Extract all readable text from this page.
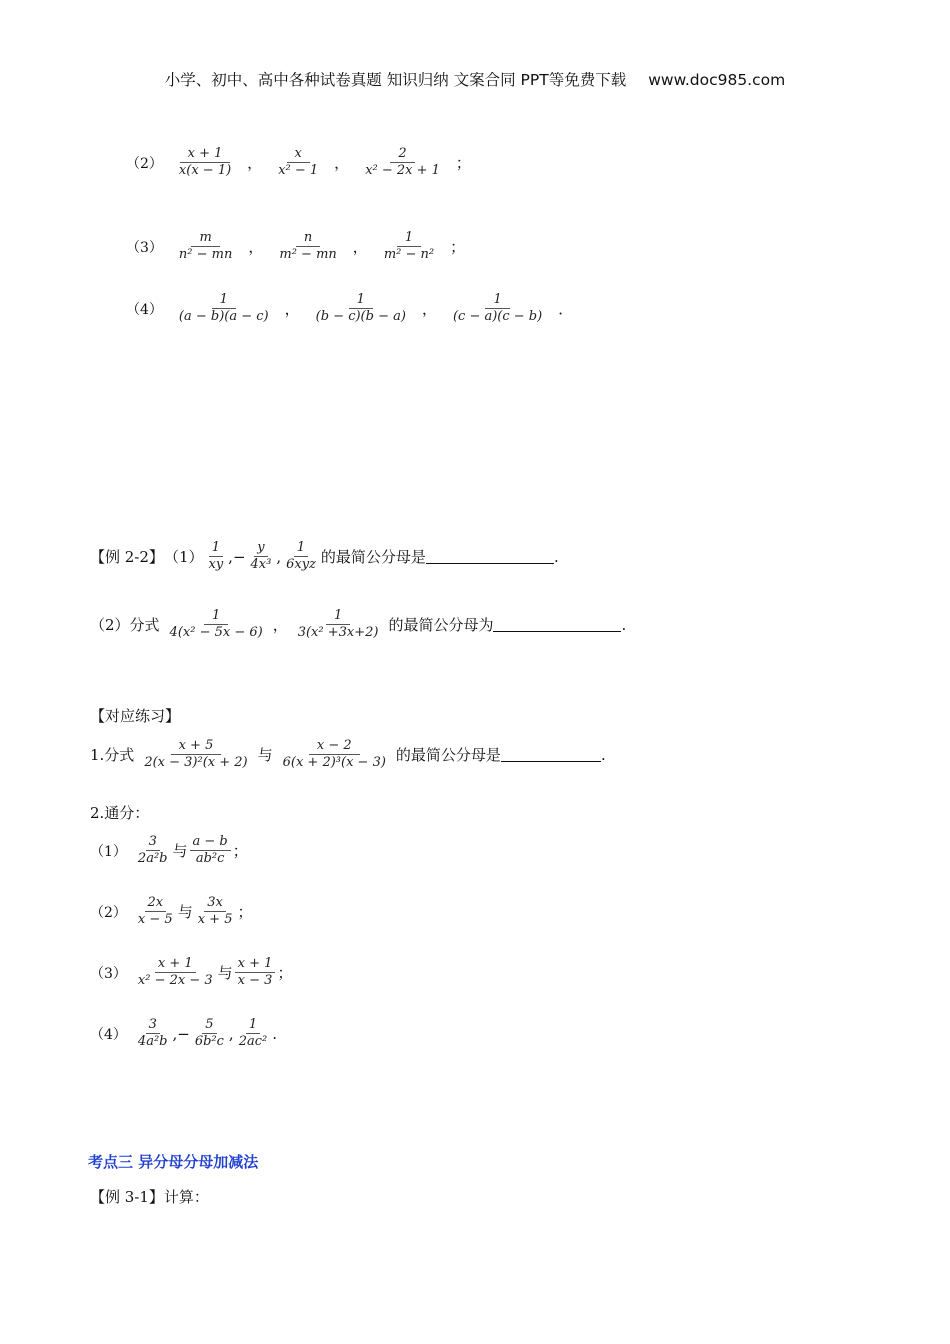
小学、初中、高中各种试卷真题 知识归纳 文案合同 PPT等免费下载 www.doc985.com
$(2) \frac{x + 1}{x(x - 1)}$ ， $\frac{x}{\text{x² − 1}}$ ， $\frac{2}{\text{x² − 2x + 1}}$ ；
$(3) \frac{m}{\text{n² − mn}}$ ， $\frac{n}{\text{m² − mn}}$ ， $\frac{1}{\text{m² − n²}}$ ；
$(4) \frac{1}{(a - b)(a - c)}$ ， $\frac{1}{(b - c)(b - a)}$ ， $\frac{1}{(c - a)(c - b)}$ ．
【例 2-2】 $(1) \frac{1}{xy}$ ,− $\frac{y}{\text{4x³}}$ , $\frac{1}{\text{6xyz}}$ 的最简公分母是	.
（2）分式 $\frac{1}{\text{4(x² − 5x − 6)}}$ ， $\frac{1}{\text{3(x² +3x+2)}}$ 的最简公分母为	.
【对应练习】
1.分式 $\frac{x + 5}{\text{2(x − 3)²(x + 2)}}$ 与 $\frac{x - 2}{\text{6(x + 2)³(x − 3)}}$ 的最简公分母是	.
2.通分：
$(1) \frac{3}{\text{2a²b}}$ 与 $\frac{a - b}{\text{ab²c}}$ ；
$(2) \frac{2x}{x - 5}$ 与 $\frac{3x}{x + 5}$ ；
$(3) \frac{x + 1}{\text{x² − 2x − 3}}$ 与 $\frac{x + 1}{x - 3}$ ；
$(4) \frac{3}{\text{4a²b}}$ ,− $\frac{5}{\text{6b²c}}$ , $\frac{1}{\text{2ac²}}$ .
考点三 异分母分母加减法
【例 3-1】计算：
